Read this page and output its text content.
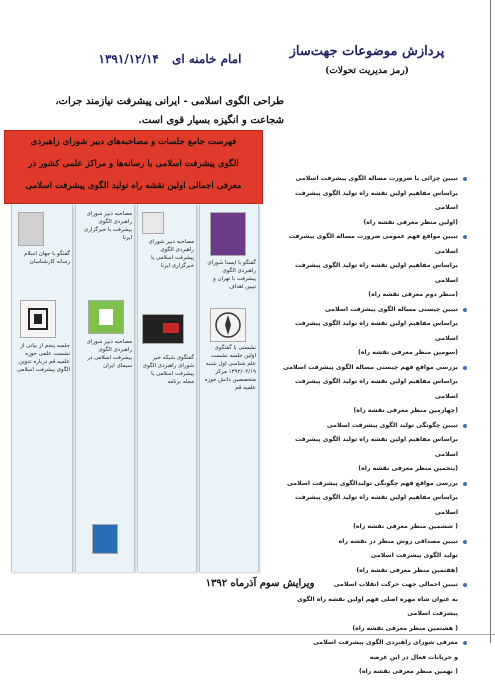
پردازش موضوعات جهت‌ساز
(رمز مدیریت تحولات)
امام خامنه ای ۱۳۹۱/۱۲/۱۴
طراحی الگوی اسلامی - ایرانی پیشرفت نیازمند جرات،
شجاعت و انگیزه بسیار قوی است.
فهرست جامع جلسات و مصاحبه‌های دبیر شورای راهبردی
الگوی پیشرفت اسلامی با رسانه‌ها و مراکز علمی کشور در
معرفی اجمالی اولین نقشه راه تولید الگوی پیشرفت اسلامی
گفتگو با ایسنا شورای راهبردی الگوی پیشرفت با تهران و تبیین اهداف
نشستی با گفتگوی اولین جلسه نشست علم شناسی اول شنبه ۱۳۹۲/۰۲/۱۹ مرکز متخصصین دانش حوزه علمیه قم
مصاحبه دبیر شورای راهبردی الگوی پیشرفت اسلامی با خبرگزاری ایرنا
گفتگوی شبکه خبر شورای راهبردی الگوی پیشرفت اسلامی با مجله برنامه
مصاحبه دبیر شورای راهبردی الگوی پیشرفت با خبرگزاری ایرنا
مصاحبه دبیر شورای راهبردی الگوی پیشرفت اسلامی در سیمای ایران
گفتگو با جهان اسلام رسانه کارشناسان
جلسه پنجم از بیانی از نشست علمی حوزه علمیه قم درباره تدوین الگوی پیشرفت اسلامی
تبیین چرائی یا ضرورت مساله الگوی پیشرفت اسلامی
براساس مفاهیم اولین نقشه راه تولید الگوی پیشرفت اسلامی
(اولین منظر معرفی نقشه راه)
تبیین مواقع فهم عمومی ضرورت مساله الگوی پیشرفت اسلامی
براساس مفاهیم اولین نقشه راه تولید الگوی پیشرفت اسلامی
(منظر دوم معرفی نقشه راه)
تبیین چیستی مساله الگوی پیشرفت اسلامی
براساس مفاهیم اولین نقشه راه تولید الگوی پیشرفت اسلامی
(سومین منظر معرفی نقشه راه)
بررسی مواقع فهم چیستی مساله الگوی پیشرفت اسلامی
براساس مفاهیم اولین نقشه راه تولید الگوی پیشرفت اسلامی
(چهارمین منظر معرفی نقشه راه)
تبیین چگونگی تولید الگوی پیشرفت اسلامی
براساس مفاهیم اولین نقشه راه تولید الگوی پیشرفت اسلامی
(پنجمین منظر معرفی نقشه راه)
بررسی مواقع فهم چگونگی تولیدالگوی پیشرفت اسلامی
براساس مفاهیم اولین نقشه راه تولید الگوی پیشرفت اسلامی
( ششمین منظر معرفی نقشه راه)
تبیین مصداقی روش منظر در نقشه راه
تولید الگوی پیشرفت اسلامی
(هفتمین منظر معرفی نقشه راه)
تبیین اجمالی جهت حرکت انقلاب اسلامی
به عنوان شاه مهره اصلی فهم اولین نقشه راه الگوی پیشرفت اسلامی
( هشتمین منظر معرفی نقشه راه)
معرفی شورای راهبردی الگوی پیشرفت اسلامی
و جریانات فعال در این عرصه
( نهمین منظر معرفی نقشه راه)
ویرایش سوم آذرماه ۱۳۹۲
